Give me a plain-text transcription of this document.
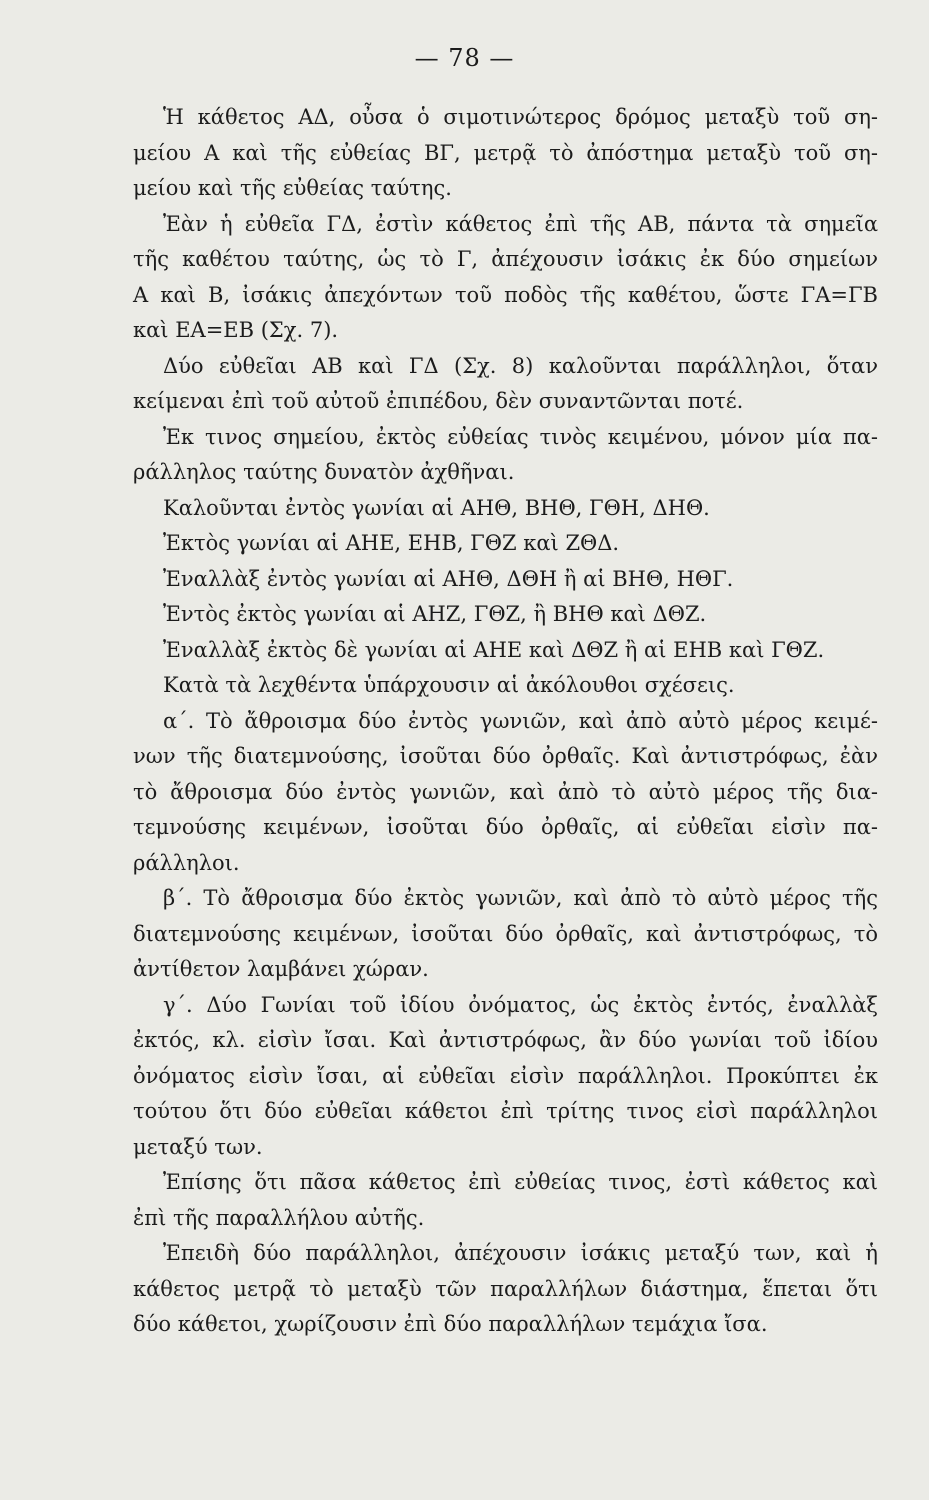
— 78 —
Ἡ κάθετος ΑΔ, οὖσα ὁ σιμοτινώτερος δρόμος μεταξὺ τοῦ ση-
μείου Α καὶ τῆς εὐθείας ΒΓ, μετρᾷ τὸ ἀπόστημα μεταξὺ τοῦ ση-
μείου καὶ τῆς εὐθείας ταύτης.
Ἐὰν ἡ εὐθεῖα ΓΔ, ἐστὶν κάθετος ἐπὶ τῆς ΑΒ, πάντα τὰ σημεῖα
τῆς καθέτου ταύτης, ὡς τὸ Γ, ἀπέχουσιν ἰσάκις ἐκ δύο σημείων
Α καὶ Β, ἰσάκις ἀπεχόντων τοῦ ποδὸς τῆς καθέτου, ὥστε ΓΑ=ΓΒ
καὶ ΕΑ=ΕΒ (Σχ. 7).
Δύο εὐθεῖαι ΑΒ καὶ ΓΔ (Σχ. 8) καλοῦνται παράλληλοι, ὅταν
κείμεναι ἐπὶ τοῦ αὐτοῦ ἐπιπέδου, δὲν συναντῶνται ποτέ.
Ἐκ τινος σημείου, ἐκτὸς εὐθείας τινὸς κειμένου, μόνον μία πα-
ράλληλος ταύτης δυνατὸν ἀχθῆναι.
Καλοῦνται ἐντὸς γωνίαι αἱ ΑΗΘ, ΒΗΘ, ΓΘΗ, ΔΗΘ.
Ἐκτὸς γωνίαι αἱ ΑΗΕ, ΕΗΒ, ΓΘΖ καὶ ΖΘΔ.
Ἐναλλὰξ ἐντὸς γωνίαι αἱ ΑΗΘ, ΔΘΗ ἢ αἱ ΒΗΘ, ΗΘΓ.
Ἐντὸς ἐκτὸς γωνίαι αἱ ΑΗΖ, ΓΘΖ, ἢ ΒΗΘ καὶ ΔΘΖ.
Ἐναλλὰξ ἐκτὸς δὲ γωνίαι αἱ ΑΗΕ καὶ ΔΘΖ ἢ αἱ ΕΗΒ καὶ ΓΘΖ.
Κατὰ τὰ λεχθέντα ὑπάρχουσιν αἱ ἀκόλουθοι σχέσεις.
α΄. Τὸ ἄθροισμα δύο ἐντὸς γωνιῶν, καὶ ἀπὸ αὐτὸ μέρος κειμέ-
νων τῆς διατεμνούσης, ἰσοῦται δύο ὀρθαῖς. Καὶ ἀντιστρόφως, ἐὰν
τὸ ἄθροισμα δύο ἐντὸς γωνιῶν, καὶ ἀπὸ τὸ αὐτὸ μέρος τῆς δια-
τεμνούσης κειμένων, ἰσοῦται δύο ὀρθαῖς, αἱ εὐθεῖαι εἰσὶν πα-
ράλληλοι.
β΄. Τὸ ἄθροισμα δύο ἐκτὸς γωνιῶν, καὶ ἀπὸ τὸ αὐτὸ μέρος τῆς
διατεμνούσης κειμένων, ἰσοῦται δύο ὀρθαῖς, καὶ ἀντιστρόφως, τὸ
ἀντίθετον λαμβάνει χώραν.
γ΄. Δύο Γωνίαι τοῦ ἰδίου ὀνόματος, ὡς ἐκτὸς ἐντός, ἐναλλὰξ
ἐκτός, κλ. εἰσὶν ἴσαι. Καὶ ἀντιστρόφως, ἂν δύο γωνίαι τοῦ ἰδίου
ὀνόματος εἰσὶν ἴσαι, αἱ εὐθεῖαι εἰσὶν παράλληλοι. Προκύπτει ἐκ
τούτου ὅτι δύο εὐθεῖαι κάθετοι ἐπὶ τρίτης τινος εἰσὶ παράλληλοι
μεταξύ των.
Ἐπίσης ὅτι πᾶσα κάθετος ἐπὶ εὐθείας τινος, ἐστὶ κάθετος καὶ
ἐπὶ τῆς παραλλήλου αὐτῆς.
Ἐπειδὴ δύο παράλληλοι, ἀπέχουσιν ἰσάκις μεταξύ των, καὶ ἡ
κάθετος μετρᾷ τὸ μεταξὺ τῶν παραλλήλων διάστημα, ἕπεται ὅτι
δύο κάθετοι, χωρίζουσιν ἐπὶ δύο παραλλήλων τεμάχια ἴσα.
